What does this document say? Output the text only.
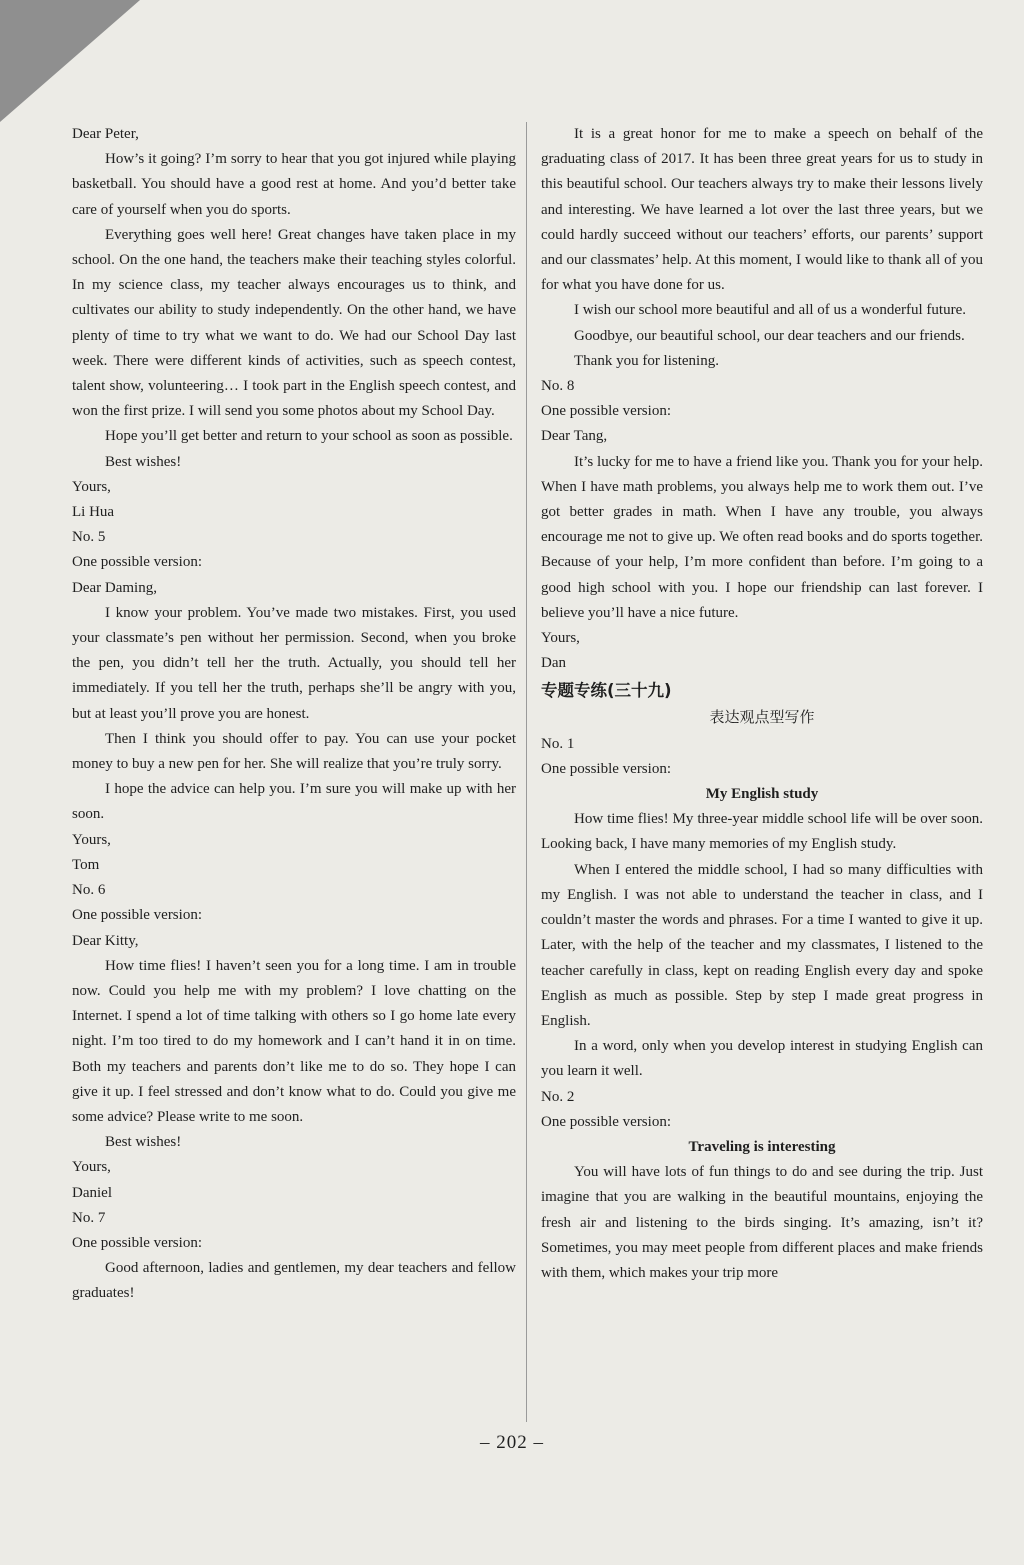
Dear Peter,

How’s it going? I’m sorry to hear that you got injured while playing basketball. You should have a good rest at home. And you’d better take care of yourself when you do sports.

Everything goes well here! Great changes have taken place in my school. On the one hand, the teachers make their teaching styles colorful. In my science class, my teacher always encourages us to think, and cultivates our ability to study independently. On the other hand, we have plenty of time to try what we want to do. We had our School Day last week. There were different kinds of activities, such as speech contest, talent show, volunteering… I took part in the English speech contest, and won the first prize. I will send you some photos about my School Day.

Hope you’ll get better and return to your school as soon as possible.

Best wishes!

Yours,

Li Hua

No. 5

One possible version:

Dear Daming,

I know your problem. You’ve made two mistakes. First, you used your classmate’s pen without her permission. Second, when you broke the pen, you didn’t tell her the truth. Actually, you should tell her immediately. If you tell her the truth, perhaps she’ll be angry with you, but at least you’ll prove you are honest.

Then I think you should offer to pay. You can use your pocket money to buy a new pen for her. She will realize that you’re truly sorry.

I hope the advice can help you. I’m sure you will make up with her soon.

Yours,

Tom

No. 6

One possible version:

Dear Kitty,

How time flies! I haven’t seen you for a long time. I am in trouble now. Could you help me with my problem? I love chatting on the Internet. I spend a lot of time talking with others so I go home late every night. I’m too tired to do my homework and I can’t hand it in on time. Both my teachers and parents don’t like me to do so. They hope I can give it up. I feel stressed and don’t know what to do. Could you give me some advice? Please write to me soon.

Best wishes!

Yours,

Daniel

No. 7

One possible version:

Good afternoon, ladies and gentlemen, my dear teachers and fellow graduates!

It is a great honor for me to make a speech on behalf of the graduating class of 2017. It has been three great years for us to study in this beautiful school. Our teachers always try to make their lessons lively and interesting. We have learned a lot over the last three years, but we could hardly succeed without our teachers’ efforts, our parents’ support and our classmates’ help. At this moment, I would like to thank all of you for what you have done for us.

I wish our school more beautiful and all of us a wonderful future.

Goodbye, our beautiful school, our dear teachers and our friends.

Thank you for listening.

No. 8

One possible version:

Dear Tang,

It’s lucky for me to have a friend like you. Thank you for your help. When I have math problems, you always help me to work them out. I’ve got better grades in math. When I have any trouble, you always encourage me not to give up. We often read books and do sports together. Because of your help, I’m more confident than before. I’m going to a good high school with you. I hope our friendship can last forever. I believe you’ll have a nice future.

Yours,

Dan

专题专练(三十九)

表达观点型写作

No. 1

One possible version:

My English study

How time flies! My three-year middle school life will be over soon. Looking back, I have many memories of my English study.

When I entered the middle school, I had so many difficulties with my English. I was not able to understand the teacher in class, and I couldn’t master the words and phrases. For a time I wanted to give it up. Later, with the help of the teacher and my classmates, I listened to the teacher carefully in class, kept on reading English every day and spoke English as much as possible. Step by step I made great progress in English.

In a word, only when you develop interest in studying English can you learn it well.

No. 2

One possible version:

Traveling is interesting

You will have lots of fun things to do and see during the trip. Just imagine that you are walking in the beautiful mountains, enjoying the fresh air and listening to the birds singing. It’s amazing, isn’t it? Sometimes, you may meet people from different places and make friends with them, which makes your trip more

– 202 –
